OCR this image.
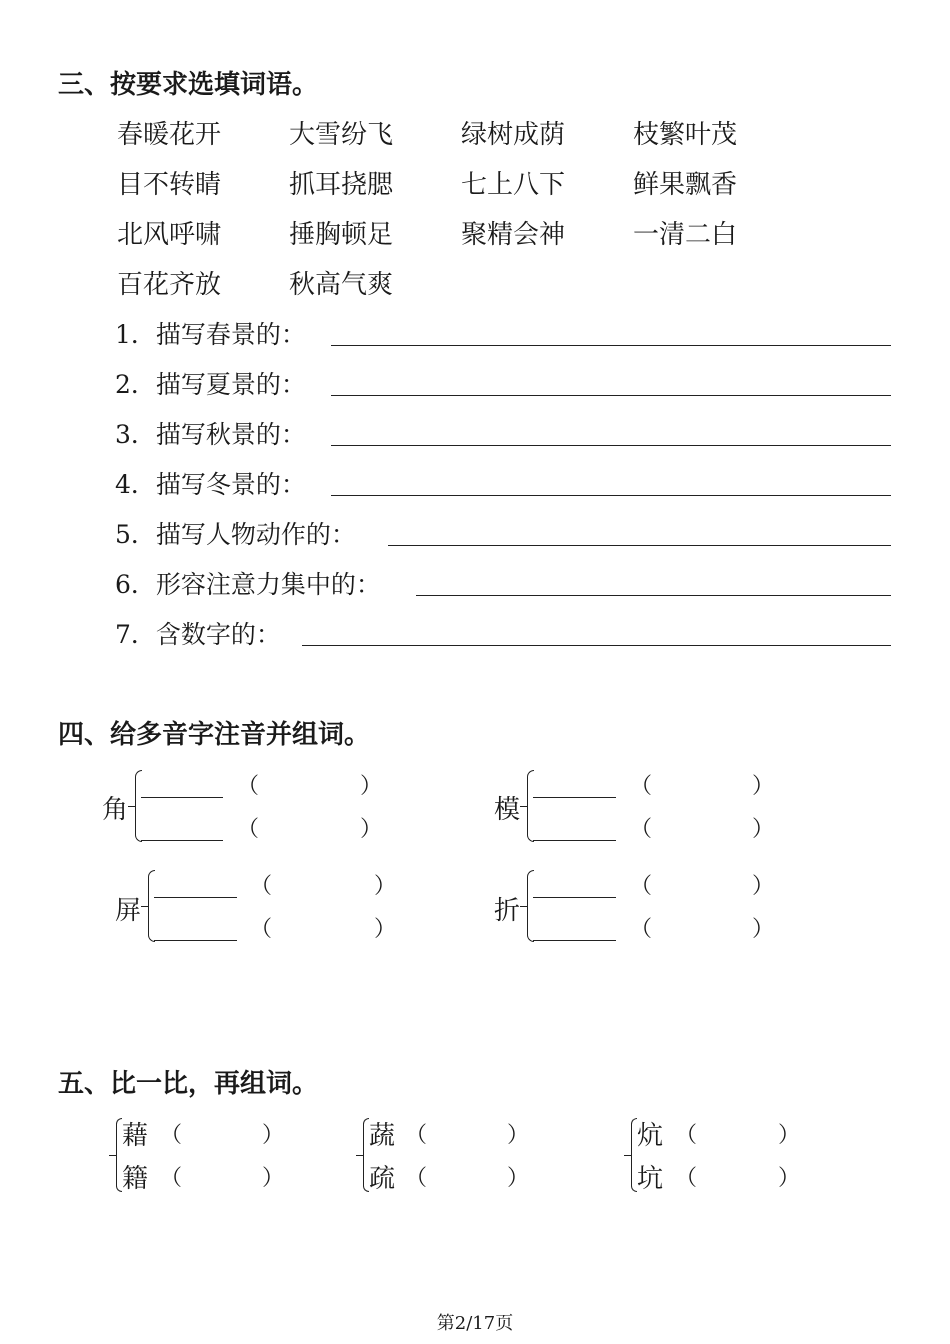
三、按要求选填词语。
春暖花开	大雪纷飞	绿树成荫	枝繁叶茂
目不转睛	抓耳挠腮	七上八下	鲜果飘香
北风呼啸	捶胸顿足	聚精会神	一清二白
百花齐放	秋高气爽
1．描写春景的：
2．描写夏景的：
3．描写秋景的：
4．描写冬景的：
5．描写人物动作的：
6．形容注意力集中的：
7．含数字的：
四、给多音字注音并组词。
角
（	）
（	）
模
（	）
（	）
屏
（	）
（	）
折
（	）
（	）
五、比一比，再组词。
藉
籍
（	）
（	）
蔬
疏
（	）
（	）
炕
坑
（	）
（	）
第2/17页
